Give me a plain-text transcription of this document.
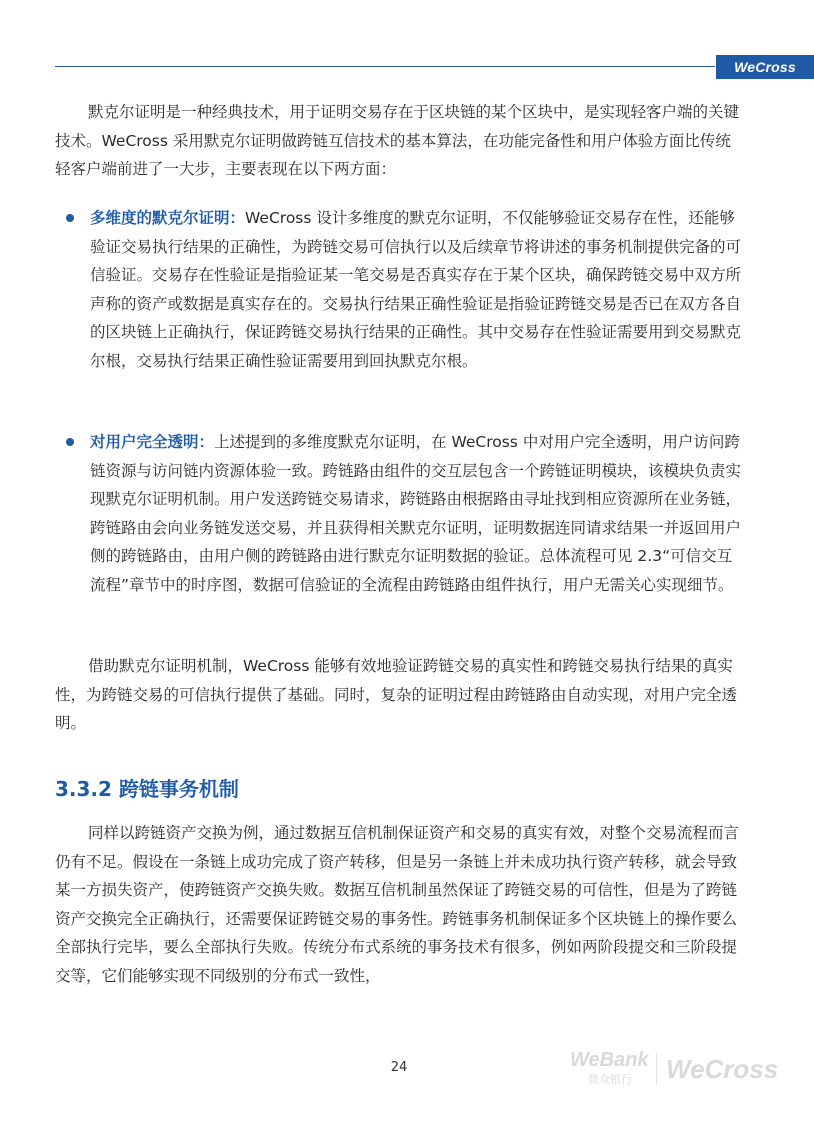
WeCross

默克尔证明是一种经典技术，用于证明交易存在于区块链的某个区块中，是实现轻客户端的关键技术。WeCross 采用默克尔证明做跨链互信技术的基本算法，在功能完备性和用户体验方面比传统轻客户端前进了一大步，主要表现在以下两方面：

多维度的默克尔证明：WeCross 设计多维度的默克尔证明，不仅能够验证交易存在性，还能够验证交易执行结果的正确性，为跨链交易可信执行以及后续章节将讲述的事务机制提供完备的可信验证。交易存在性验证是指验证某一笔交易是否真实存在于某个区块，确保跨链交易中双方所声称的资产或数据是真实存在的。交易执行结果正确性验证是指验证跨链交易是否已在双方各自的区块链上正确执行，保证跨链交易执行结果的正确性。其中交易存在性验证需要用到交易默克尔根，交易执行结果正确性验证需要用到回执默克尔根。

对用户完全透明：上述提到的多维度默克尔证明，在 WeCross 中对用户完全透明，用户访问跨链资源与访问链内资源体验一致。跨链路由组件的交互层包含一个跨链证明模块，该模块负责实现默克尔证明机制。用户发送跨链交易请求，跨链路由根据路由寻址找到相应资源所在业务链，跨链路由会向业务链发送交易，并且获得相关默克尔证明，证明数据连同请求结果一并返回用户侧的跨链路由，由用户侧的跨链路由进行默克尔证明数据的验证。总体流程可见 2.3“可信交互流程”章节中的时序图，数据可信验证的全流程由跨链路由组件执行，用户无需关心实现细节。

借助默克尔证明机制，WeCross 能够有效地验证跨链交易的真实性和跨链交易执行结果的真实性，为跨链交易的可信执行提供了基础。同时，复杂的证明过程由跨链路由自动实现，对用户完全透明。

3.3.2 跨链事务机制

同样以跨链资产交换为例，通过数据互信机制保证资产和交易的真实有效，对整个交易流程而言仍有不足。假设在一条链上成功完成了资产转移，但是另一条链上并未成功执行资产转移，就会导致某一方损失资产，使跨链资产交换失败。数据互信机制虽然保证了跨链交易的可信性，但是为了跨链资产交换完全正确执行，还需要保证跨链交易的事务性。跨链事务机制保证多个区块链上的操作要么全部执行完毕，要么全部执行失败。传统分布式系统的事务技术有很多，例如两阶段提交和三阶段提交等，它们能够实现不同级别的分布式一致性，

24	WeBank
微众银行 WeCross
